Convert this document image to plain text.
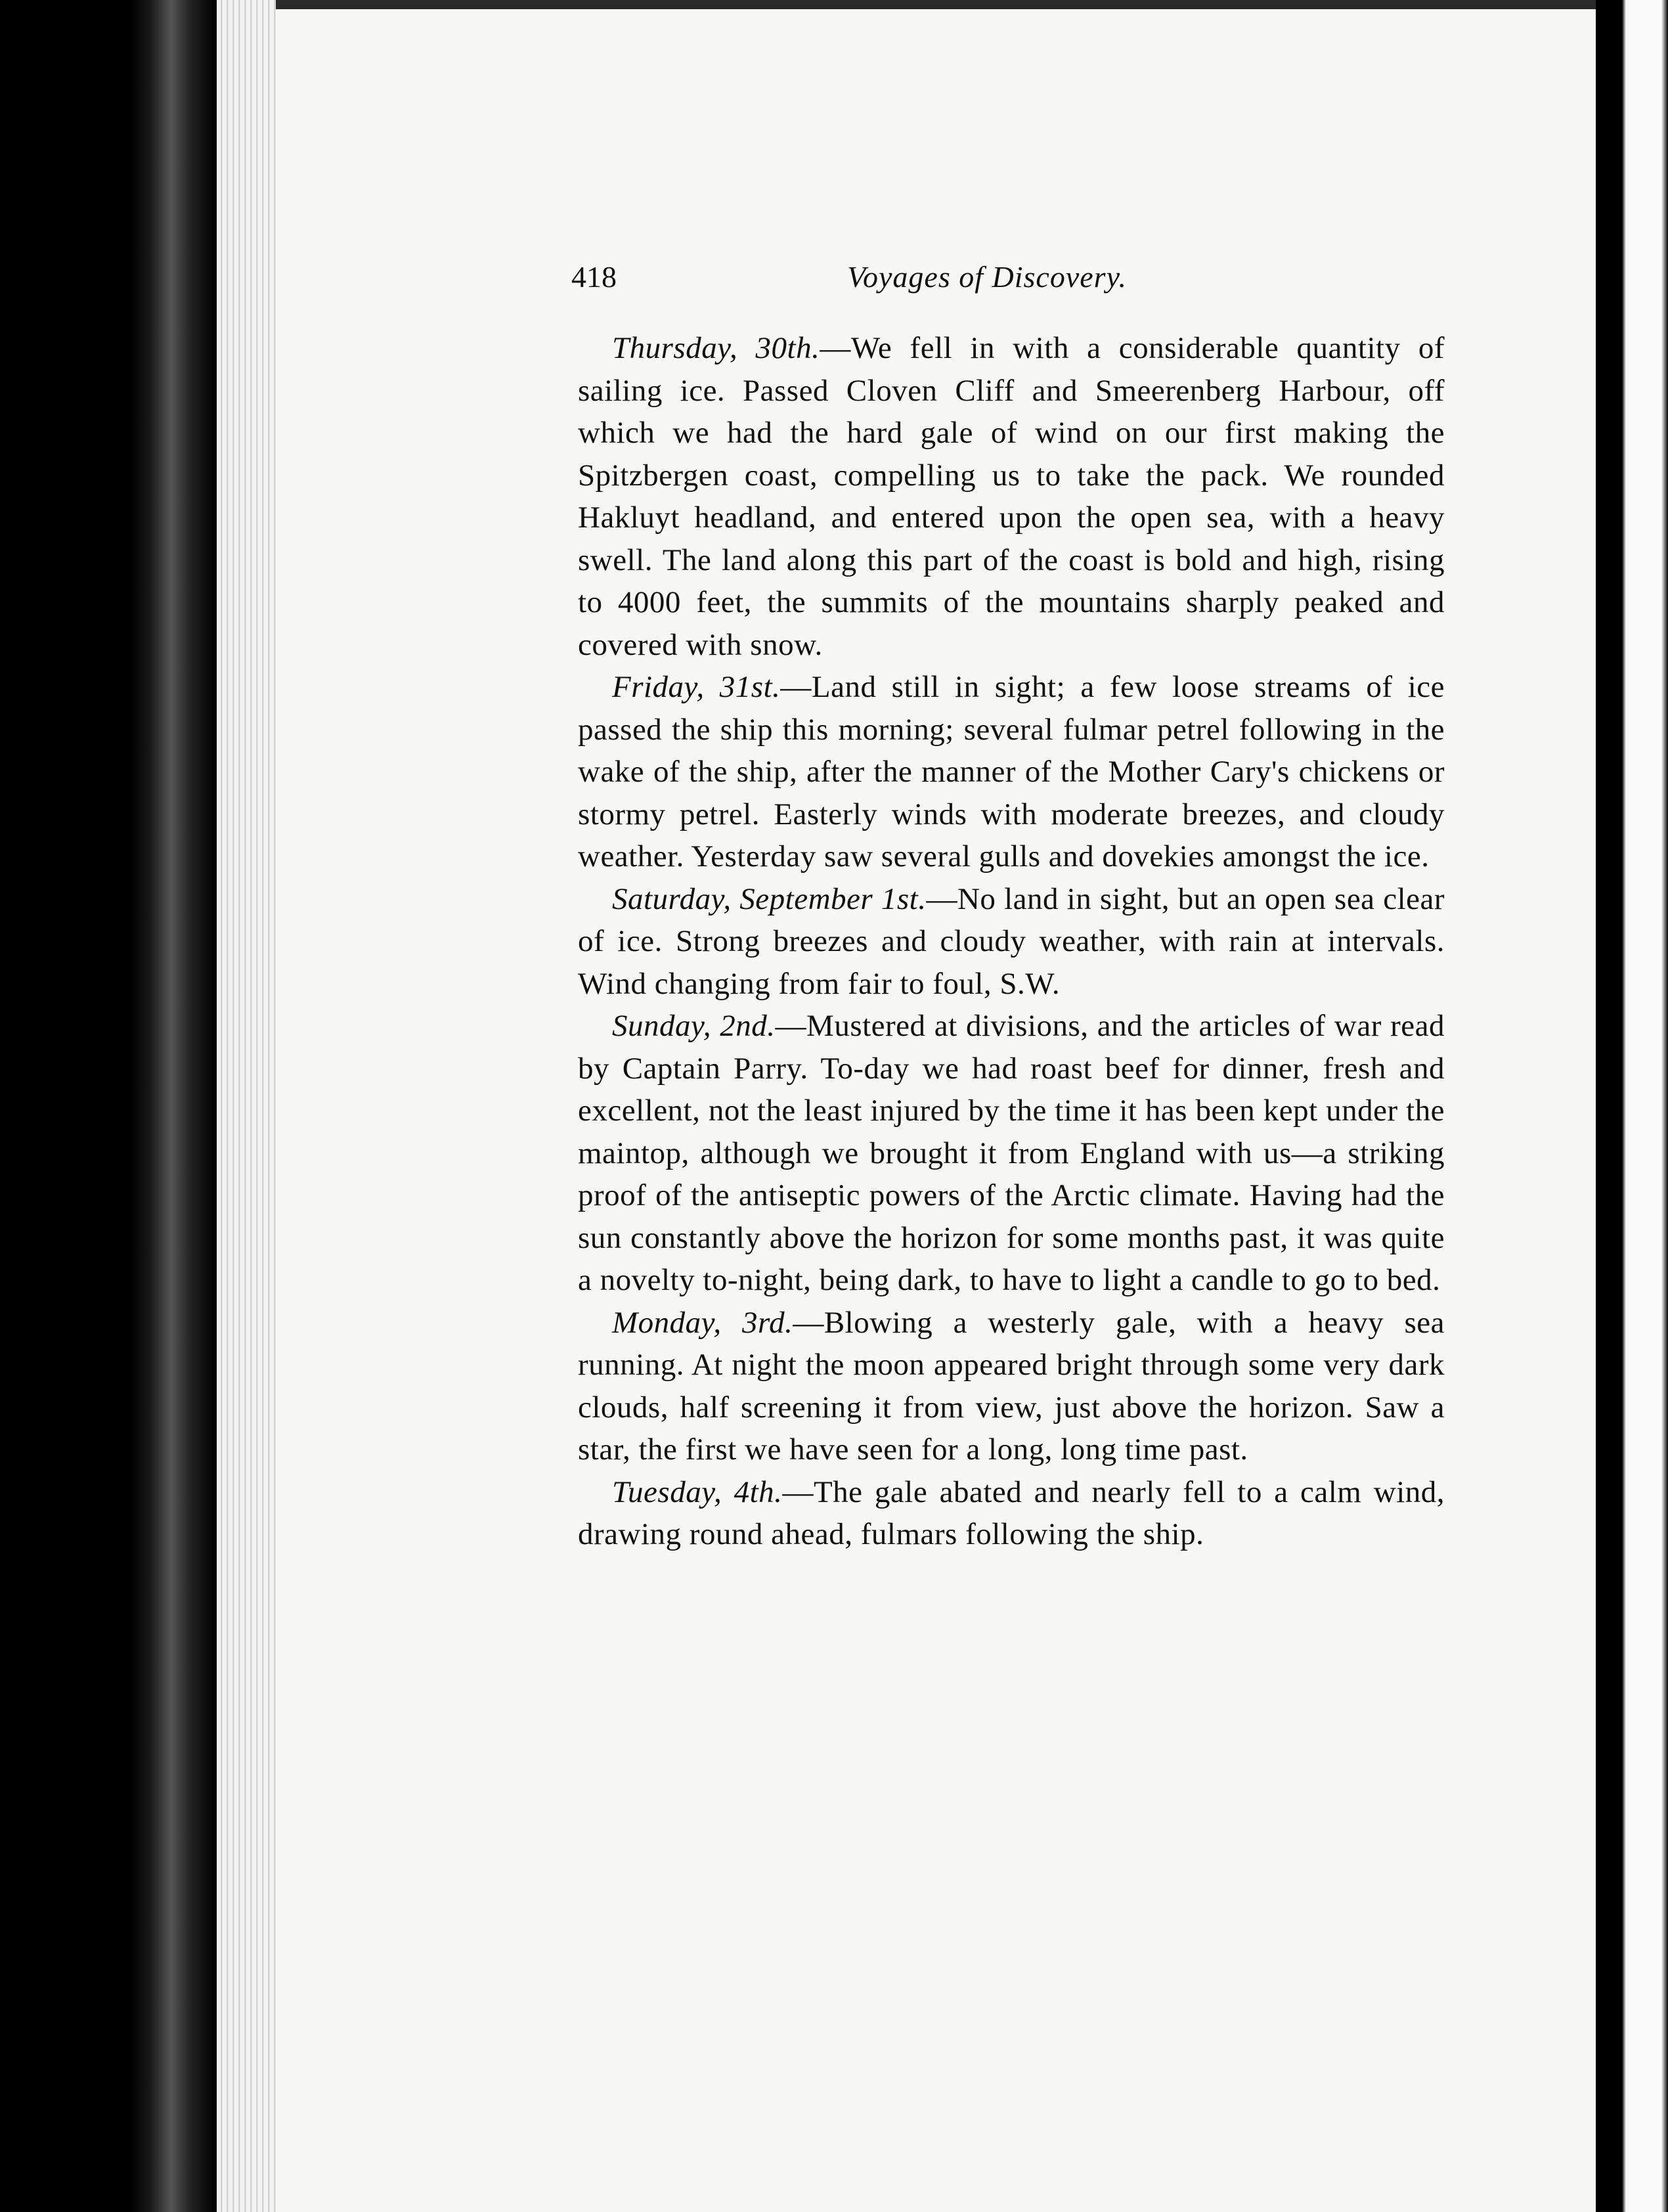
418	Voyages of Discovery.

Thursday, 30th.—We fell in with a considerable quantity of sailing ice. Passed Cloven Cliff and Smeerenberg Harbour, off which we had the hard gale of wind on our first making the Spitzbergen coast, compelling us to take the pack. We rounded Hakluyt headland, and entered upon the open sea, with a heavy swell. The land along this part of the coast is bold and high, rising to 4000 feet, the summits of the mountains sharply peaked and covered with snow.

Friday, 31st.—Land still in sight; a few loose streams of ice passed the ship this morning; several fulmar petrel following in the wake of the ship, after the manner of the Mother Cary's chickens or stormy petrel. Easterly winds with moderate breezes, and cloudy weather. Yesterday saw several gulls and dovekies amongst the ice.

Saturday, September 1st.—No land in sight, but an open sea clear of ice. Strong breezes and cloudy weather, with rain at intervals. Wind changing from fair to foul, S.W.

Sunday, 2nd.—Mustered at divisions, and the articles of war read by Captain Parry. To-day we had roast beef for dinner, fresh and excellent, not the least injured by the time it has been kept under the maintop, although we brought it from England with us—a striking proof of the antiseptic powers of the Arctic climate. Having had the sun constantly above the horizon for some months past, it was quite a novelty to-night, being dark, to have to light a candle to go to bed.

Monday, 3rd.—Blowing a westerly gale, with a heavy sea running. At night the moon appeared bright through some very dark clouds, half screening it from view, just above the horizon. Saw a star, the first we have seen for a long, long time past.

Tuesday, 4th.—The gale abated and nearly fell to a calm wind, drawing round ahead, fulmars following the ship.
